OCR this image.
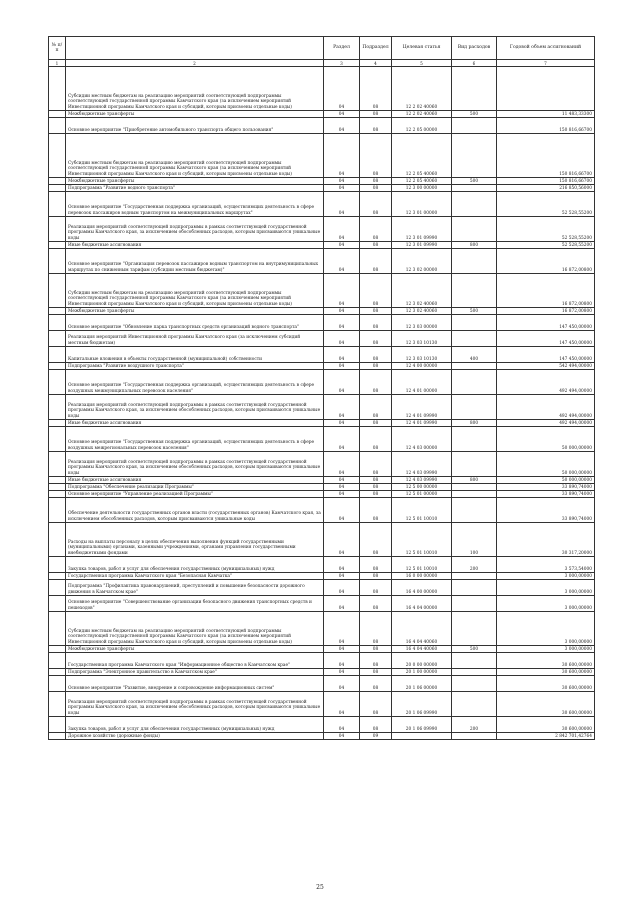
№ п/п		Раздел	Подраздел	Целевая статья	Вид расходов	Годовой объем ассигнований
1	2	3	4	5	6	7
	Субсидии местным бюджетам на реализацию мероприятий соответствующей подпрограммы соответствующей государственной программы Камчатского края (за исключением мероприятий Инвестиционной программы Камчатского края и субсидий, которым присвоены отдельные коды)	04	08	12 2 02 40060		
	Межбюджетные трансферты	04	08	12 2 02 40060	500	11 483,33300
	Основное мероприятие "Приобретение автомобильного транспорта общего пользования"	04	08	12 2 05 00000		150 816,66700
	Субсидии местным бюджетам на реализацию мероприятий соответствующей подпрограммы соответствующей государственной программы Камчатского края (за исключением мероприятий Инвестиционной программы Камчатского края и субсидий, которым присвоены отдельные коды)	04	08	12 2 05 40060		150 816,66700
	Межбюджетные трансферты	04	08	12 2 05 40060	500	150 816,66700
	Подпрограмма "Развитие водного транспорта"	04	08	12 3 00 00000		216 850,56000
	Основное мероприятие "Государственная поддержка организаций, осуществляющих деятельность в сфере перевозок пассажиров водным транспортом на межмуниципальных маршрутах"	04	08	12 3 01 00000		52 528,55200
	Реализация мероприятий соответствующей подпрограммы в рамках соответствующей государственной программы Камчатского края, за исключением обособленных расходов, которым присваиваются уникальные коды	04	08	12 3 01 09990		52 528,55200
	Иные бюджетные ассигнования	04	08	12 3 01 09990	800	52 528,55200
	Основное мероприятие "Организация перевозок пассажиров водным транспортом на внутримуниципальных маршрутах по сниженным тарифам (субсидии местным бюджетам)"	04	08	12 3 02 00000		16 872,00800
	Субсидии местным бюджетам на реализацию мероприятий соответствующей подпрограммы соответствующей государственной программы Камчатского края (за исключением мероприятий Инвестиционной программы Камчатского края и субсидий, которым присвоены отдельные коды)	04	08	12 3 02 40060		16 872,00800
	Межбюджетные трансферты	04	08	12 3 02 40060	500	16 872,00800
	Основное мероприятие "Обновление парка транспортных средств организаций водного транспорта"	04	08	12 3 03 00000		147 450,00000
	Реализация мероприятий Инвестиционной программы Камчатского края (за исключением субсидий местным бюджетам)	04	08	12 3 03 10130		147 450,00000
	Капитальные вложения в объекты государственной (муниципальной) собственности	04	08	12 3 03 10130	400	147 450,00000
	Подпрограмма "Развитие воздушного транспорта"	04	08	12 4 00 00000		542 494,00000
	Основное мероприятие "Государственная поддержка организаций, осуществляющих деятельность в сфере воздушных межмуниципальных перевозок населения"	04	08	12 4 01 00000		492 494,00000
	Реализация мероприятий соответствующей подпрограммы в рамках соответствующей государственной программы Камчатского края, за исключением обособленных расходов, которым присваиваются уникальные коды	04	08	12 4 01 09990		492 494,00000
	Иные бюджетные ассигнования	04	08	12 4 01 09990	800	492 494,00000
	Основное мероприятие "Государственная поддержка организаций, осуществляющих деятельность в сфере воздушных межрегиональных перевозок населения"	04	08	12 4 03 00000		50 000,00000
	Реализация мероприятий соответствующей подпрограммы в рамках соответствующей государственной программы Камчатского края, за исключением обособленных расходов, которым присваиваются уникальные коды	04	08	12 4 03 09990		50 000,00000
	Иные бюджетные ассигнования	04	08	12 4 03 09990	800	50 000,00000
	Подпрограмма "Обеспечение реализации Программы"	04	08	12 5 00 00000		33 890,74000
	Основное мероприятие "Управление реализацией Программы"	04	08	12 5 01 00000		33 890,74000
	Обеспечение деятельности государственных органов власти (государственных органов) Камчатского края, за исключением обособленных расходов, которым присваиваются уникальные коды	04	08	12 5 01 10010		33 890,74000
	Расходы на выплаты персоналу в целях обеспечения выполнения функций государственными (муниципальными) органами, казенными учреждениями, органами управления государственными внебюджетными фондами	04	08	12 5 01 10010	100	30 317,20000
	Закупка товаров, работ и услуг для обеспечения государственных (муниципальных) нужд	04	08	12 5 01 10010	200	3 573,54000
	Государственная программа Камчатского края "Безопасная Камчатка"	04	08	16 0 00 00000		3 000,00000
	Подпрограмма "Профилактика правонарушений, преступлений и повышение безопасности дорожного движения в Камчатском крае"	04	08	16 4 00 00000		3 000,00000
	Основное мероприятие "Совершенствование организации безопасного движения транспортных средств и пешеходов"	04	08	16 4 04 00000		3 000,00000
	Субсидии местным бюджетам на реализацию мероприятий соответствующей подпрограммы соответствующей государственной программы Камчатского края (за исключением мероприятий Инвестиционной программы Камчатского края и субсидий, которым присвоены отдельные коды)	04	08	16 4 04 40060		3 000,00000
	Межбюджетные трансферты	04	08	16 4 04 40060	500	3 000,00000
	Государственная программа Камчатского края "Информационное общество в Камчатском крае"	04	08	20 0 00 00000		30 600,00000
	Подпрограмма "Электронное правительство в Камчатском крае"	04	08	20 1 00 00000		30 600,00000
	Основное мероприятие "Развитие, внедрение и сопровождение информационных систем"	04	08	20 1 06 00000		30 600,00000
	Реализация мероприятий соответствующей подпрограммы в рамках соответствующей государственной программы Камчатского края, за исключением обособленных расходов, которым присваиваются уникальные коды	04	08	20 1 06 09990		30 600,00000
	Закупка товаров, работ и услуг для обеспечения государственных (муниципальных) нужд	04	08	20 1 06 09990	200	30 600,00000
	Дорожное хозяйство (дорожные фонды)	04	09			2 842 701,42764
25
